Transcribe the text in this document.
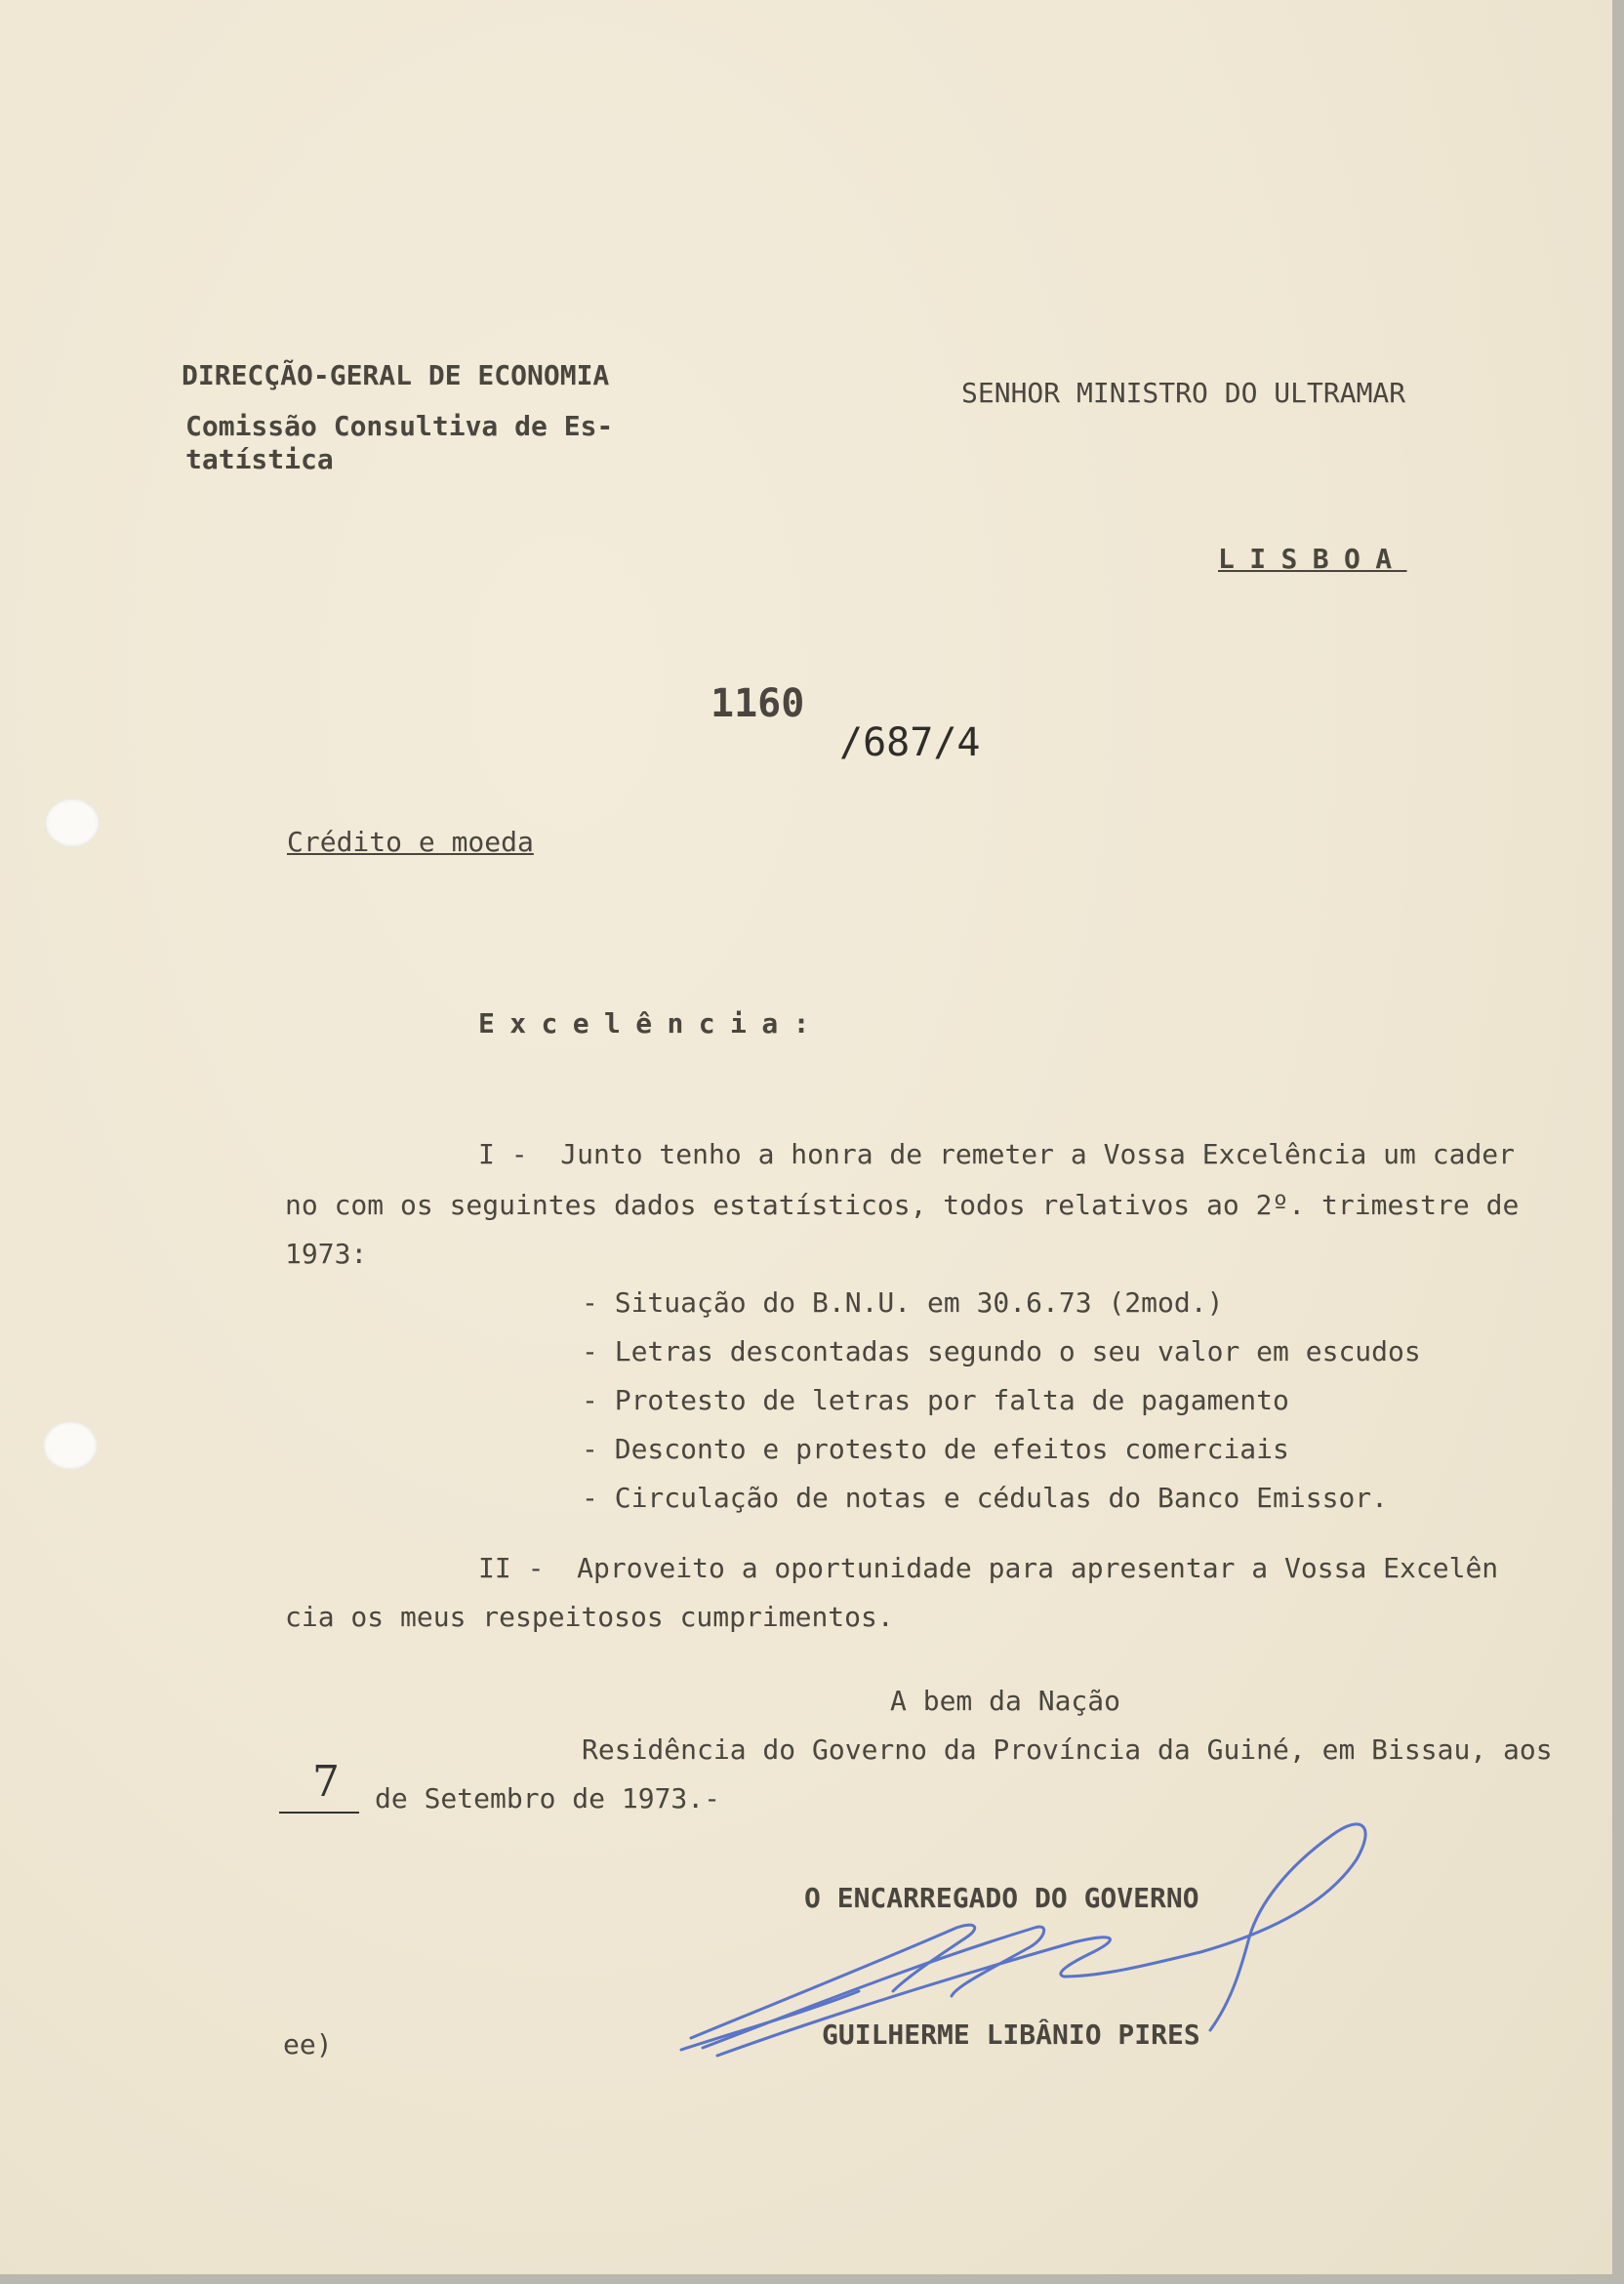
DIRECÇÃO-GERAL DE ECONOMIA
Comissão Consultiva de Es-
tatística
SENHOR MINISTRO DO ULTRAMAR
LISBOA
1160
/687/4
Crédito e moeda
Excelência:
I -  Junto tenho a honra de remeter a Vossa Excelência um cader
no com os seguintes dados estatísticos, todos relativos ao 2º. trimestre de
1973:
- Situação do B.N.U. em 30.6.73 (2mod.)
- Letras descontadas segundo o seu valor em escudos
- Protesto de letras por falta de pagamento
- Desconto e protesto de efeitos comerciais
- Circulação de notas e cédulas do Banco Emissor.
II -  Aproveito a oportunidade para apresentar a Vossa Excelên
cia os meus respeitosos cumprimentos.
A bem da Nação
Residência do Governo da Província da Guiné, em Bissau, aos
7 de Setembro de 1973.-
O ENCARREGADO DO GOVERNO
GUILHERME LIBÂNIO PIRES
ee)
